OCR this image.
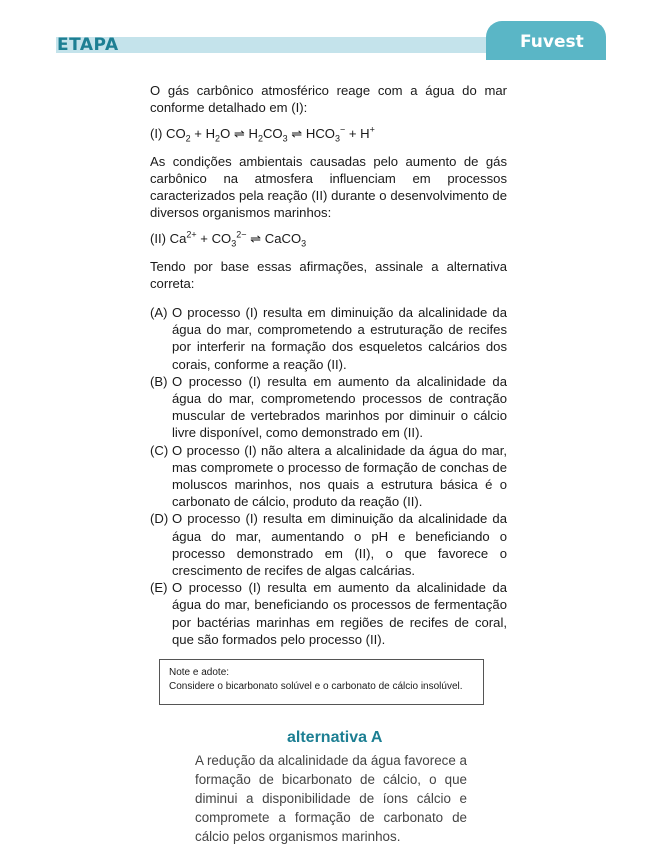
ETAPA	Fuvest

O gás carbônico atmosférico reage com a água do mar conforme detalhado em (I):

(I) $CO_2 + H_2O$ ⇌ $H_2CO_3$ ⇌ $HCO_3^- + H^+$

As condições ambientais causadas pelo aumento de gás carbônico na atmosfera influenciam em processos caracterizados pela reação (II) durante o desenvolvimento de diversos organismos marinhos:

(II) $Ca^{2+} + CO_3^{2-}$ ⇌ CaCO$_3$

Tendo por base essas afirmações, assinale a alternativa correta:

(A) O processo (I) resulta em diminuição da alcalinidade da água do mar, comprometendo a estruturação de recifes por interferir na formação dos esqueletos calcários dos corais, conforme a reação (II).
(B) O processo (I) resulta em aumento da alcalinidade da água do mar, comprometendo processos de contração muscular de vertebrados marinhos por diminuir o cálcio livre disponível, como demonstrado em (II).
(C) O processo (I) não altera a alcalinidade da água do mar, mas compromete o processo de formação de conchas de moluscos marinhos, nos quais a estrutura básica é o carbonato de cálcio, produto da reação (II).
(D) O processo (I) resulta em diminuição da alcalinidade da água do mar, aumentando o pH e beneficiando o processo demonstrado em (II), o que favorece o crescimento de recifes de algas calcárias.
(E) O processo (I) resulta em aumento da alcalinidade da água do mar, beneficiando os processos de fermentação por bactérias marinhas em regiões de recifes de coral, que são formados pelo processo (II).
Note e adote:
Considere o bicarbonato solúvel e o carbonato de cálcio insolúvel.
alternativa A
A redução da alcalinidade da água favorece a formação de bicarbonato de cálcio, o que diminui a disponibilidade de íons cálcio e compromete a formação de carbonato de cálcio pelos organismos marinhos.
